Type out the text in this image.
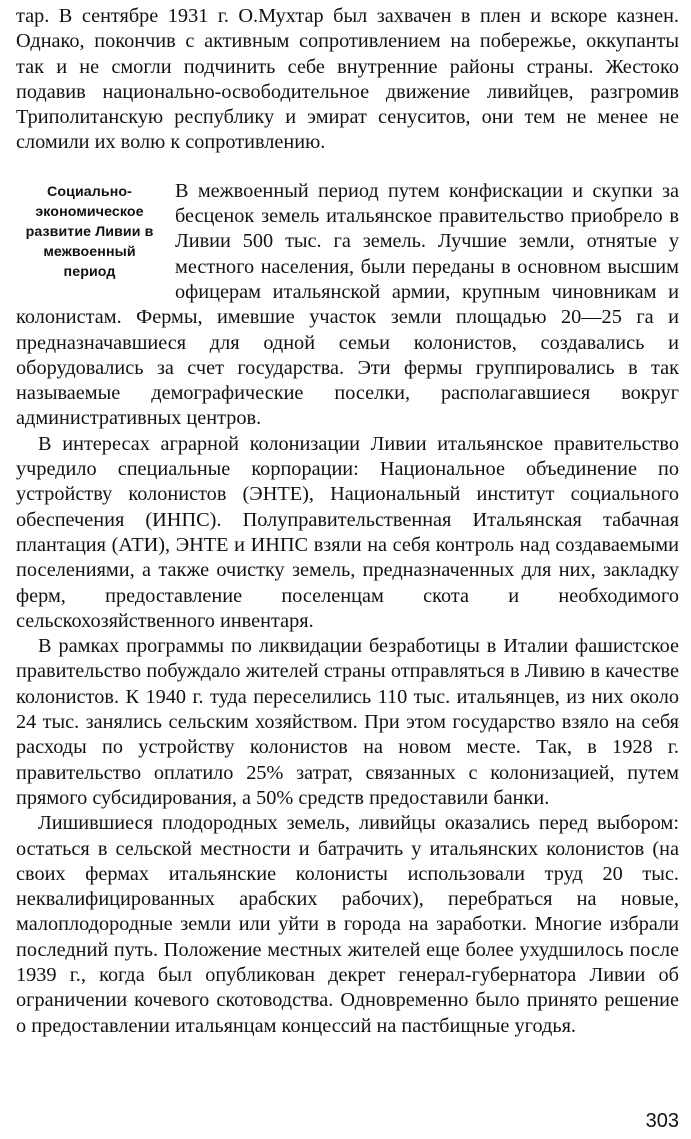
тар. В сентябре 1931 г. О.Мухтар был захвачен в плен и вскоре казнен. Однако, покончив с активным сопротивлением на побережье, оккупанты так и не смогли подчинить себе внутренние районы страны. Жестоко подавив национально-освободительное движение ливийцев, разгромив Триполитанскую республику и эмират сенуситов, они тем не менее не сломили их волю к сопротивлению.

Социально-
экономическое
развитие Ливии в
межвоенный
период

В межвоенный период путем конфискации и скупки за бесценок земель итальянское правительство приобрело в Ливии 500 тыс. га земель. Лучшие земли, отнятые у местного населения, были переданы в основном высшим офицерам итальянской армии, крупным чиновникам и колонистам. Фермы, имевшие участок земли площадью 20—25 га и предназначавшиеся для одной семьи колонистов, создавались и оборудовались за счет государства. Эти фермы группировались в так называемые демографические поселки, располагавшиеся вокруг административных центров.

В интересах аграрной колонизации Ливии итальянское правительство учредило специальные корпорации: Национальное объединение по устройству колонистов (ЭНТЕ), Национальный институт социального обеспечения (ИНПС). Полуправительственная Итальянская табачная плантация (АТИ), ЭНТЕ и ИНПС взяли на себя контроль над создаваемыми поселениями, а также очистку земель, предназначенных для них, закладку ферм, предоставление поселенцам скота и необходимого сельскохозяйственного инвентаря.

В рамках программы по ликвидации безработицы в Италии фашистское правительство побуждало жителей страны отправляться в Ливию в качестве колонистов. К 1940 г. туда переселились 110 тыс. итальянцев, из них около 24 тыс. занялись сельским хозяйством. При этом государство взяло на себя расходы по устройству колонистов на новом месте. Так, в 1928 г. правительство оплатило 25% затрат, связанных с колонизацией, путем прямого субсидирования, а 50% средств предоставили банки.

Лишившиеся плодородных земель, ливийцы оказались перед выбором: остаться в сельской местности и батрачить у итальянских колонистов (на своих фермах итальянские колонисты использовали труд 20 тыс. неквалифицированных арабских рабочих), перебраться на новые, малоплодородные земли или уйти в города на заработки. Многие избрали последний путь. Положение местных жителей еще более ухудшилось после 1939 г., когда был опубликован декрет генерал-губернатора Ливии об ограничении кочевого скотоводства. Одновременно было принято решение о предоставлении итальянцам концессий на пастбищные угодья.

303
